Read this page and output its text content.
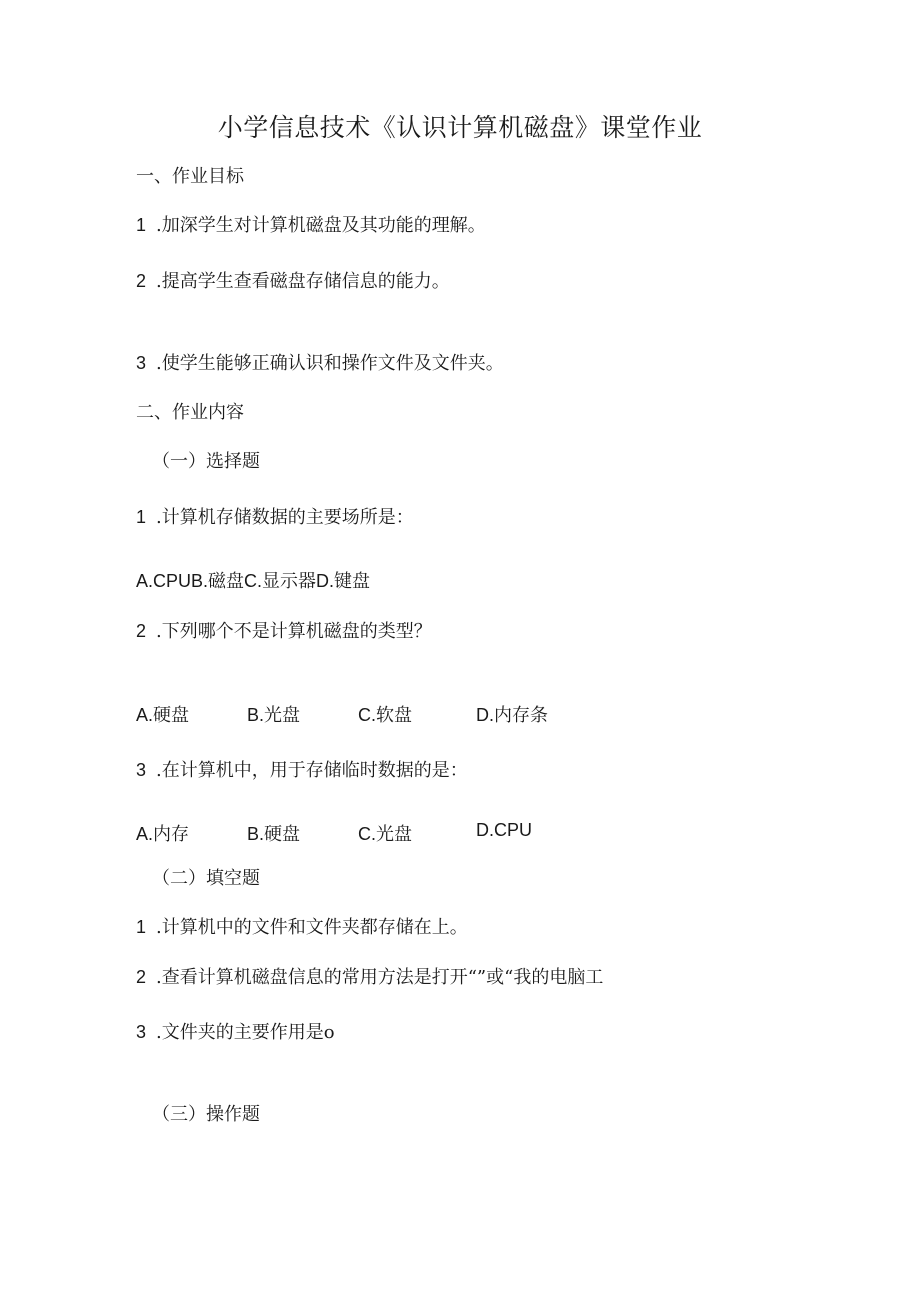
小学信息技术《认识计算机磁盘》课堂作业
一、作业目标
1 .加深学生对计算机磁盘及其功能的理解。
2 .提高学生查看磁盘存储信息的能力。
3 .使学生能够正确认识和操作文件及文件夹。
二、作业内容
（一）选择题
1 .计算机存储数据的主要场所是：
A.CPUB.磁盘C.显示器D.键盘
2 .下列哪个不是计算机磁盘的类型？
A.硬盘	B.光盘	C.软盘	D.内存条
3 .在计算机中，用于存储临时数据的是：
A.内存	B.硬盘	C.光盘	D.CPU
（二）填空题
1 .计算机中的文件和文件夹都存储在上。
2 .查看计算机磁盘信息的常用方法是打开“”或“我的电脑工
3 .文件夹的主要作用是o
（三）操作题
